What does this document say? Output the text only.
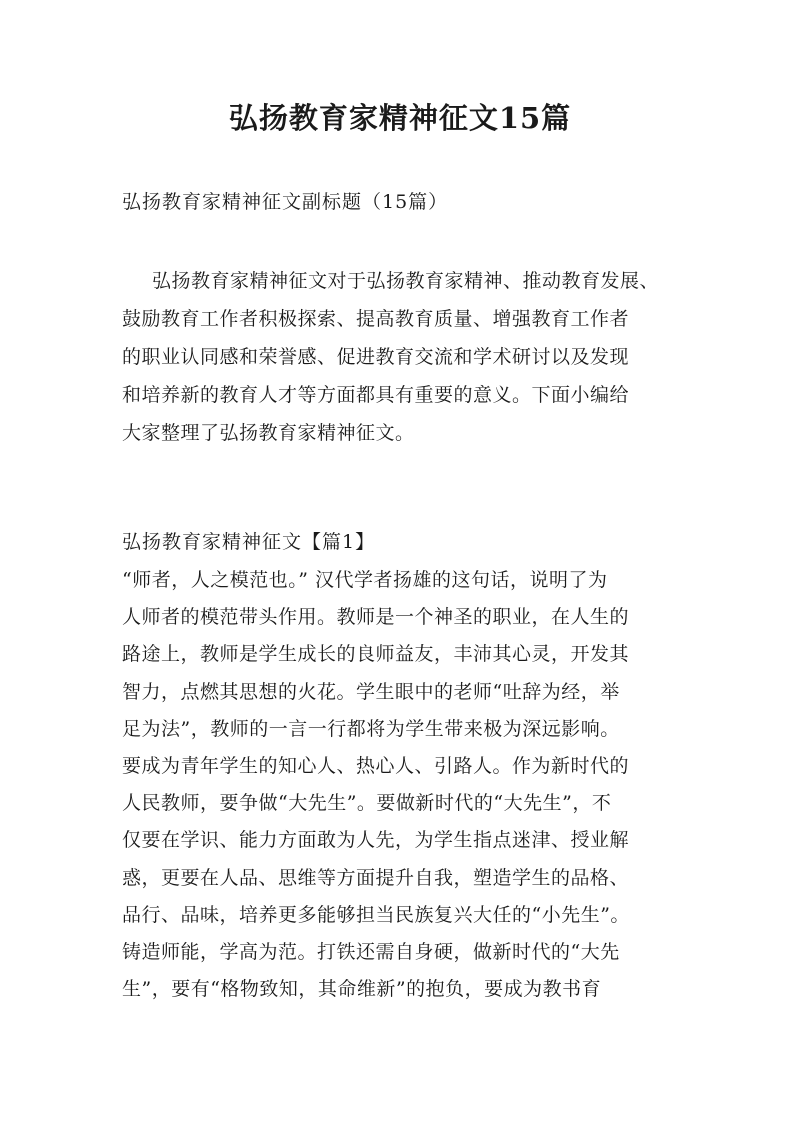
弘扬教育家精神征文15篇
弘扬教育家精神征文副标题（15篇）
弘扬教育家精神征文对于弘扬教育家精神、推动教育发展、
鼓励教育工作者积极探索、提高教育质量、增强教育工作者
的职业认同感和荣誉感、促进教育交流和学术研讨以及发现
和培养新的教育人才等方面都具有重要的意义。下面小编给
大家整理了弘扬教育家精神征文。
弘扬教育家精神征文【篇1】
“师者，人之模范也。” 汉代学者扬雄的这句话，说明了为
人师者的模范带头作用。教师是一个神圣的职业，在人生的
路途上，教师是学生成长的良师益友，丰沛其心灵，开发其
智力，点燃其思想的火花。学生眼中的老师“吐辞为经，举
足为法”，教师的一言一行都将为学生带来极为深远影响。
要成为青年学生的知心人、热心人、引路人。作为新时代的
人民教师，要争做“大先生”。要做新时代的“大先生”，不
仅要在学识、能力方面敢为人先，为学生指点迷津、授业解
惑，更要在人品、思维等方面提升自我，塑造学生的品格、
品行、品味，培养更多能够担当民族复兴大任的“小先生”。
铸造师能，学高为范。打铁还需自身硬，做新时代的“大先
生”，要有“格物致知，其命维新”的抱负，要成为教书育
